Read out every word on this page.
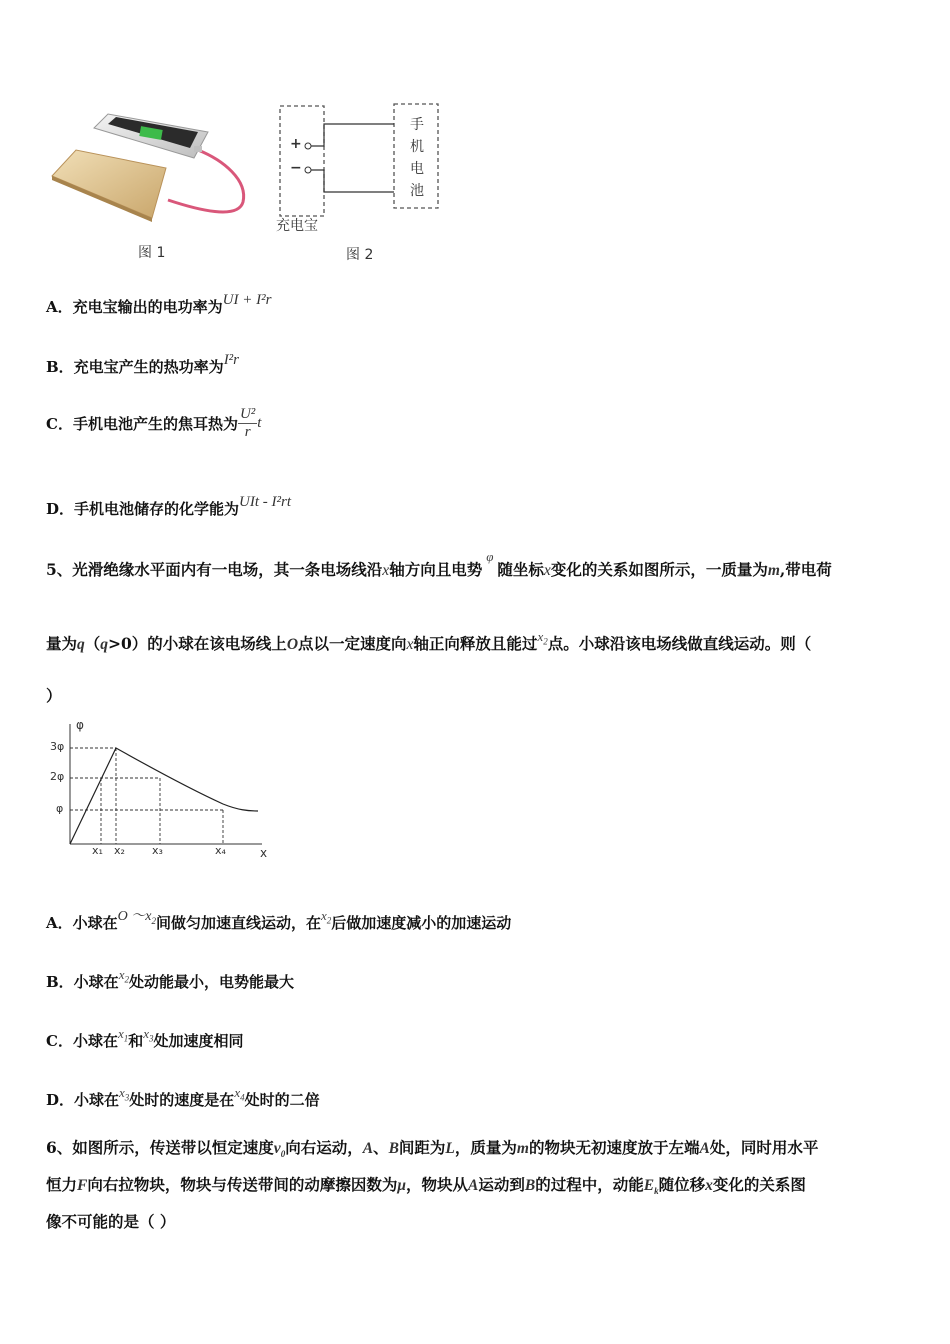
图 1
+
−
手
机
电
池
充电宝
图 2
A．充电宝输出的电功率为UI + I²r
B．充电宝产生的热功率为I²r
C．手机电池产生的焦耳热为 $\frac{\text{U²}}{r}$ t
D．手机电池储存的化学能为UIt - I²rt
5、光滑绝缘水平面内有一电场，其一条电场线沿x轴方向且电势$^\varphi$随坐标x变化的关系如图所示，一质量为m,带电荷
量为q（q>0）的小球在该电场线上O点以一定速度向x轴正向释放且能过$^{x_2}$点。小球沿该电场线做直线运动。则（
）
φ
x
3φ
2φ
φ
x₁ x₂ x₃	x₄
A．小球在O $\sim x_2$间做匀加速直线运动，在$x_2$后做加速度减小的加速运动
B．小球在$x_2$处动能最小，电势能最大
C．小球在$x_1$和$x_3$处加速度相同
D．小球在$x_3$处时的速度是在$x_4$处时的二倍
6、如图所示，传送带以恒定速度$v_0$向右运动，A、B间距为L，质量为m的物块无初速度放于左端A处，同时用水平
恒力F向右拉物块，物块与传送带间的动摩擦因数为μ，物块从A运动到B的过程中，动能$E_k$随位移x变化的关系图
像不可能的是（ ）
